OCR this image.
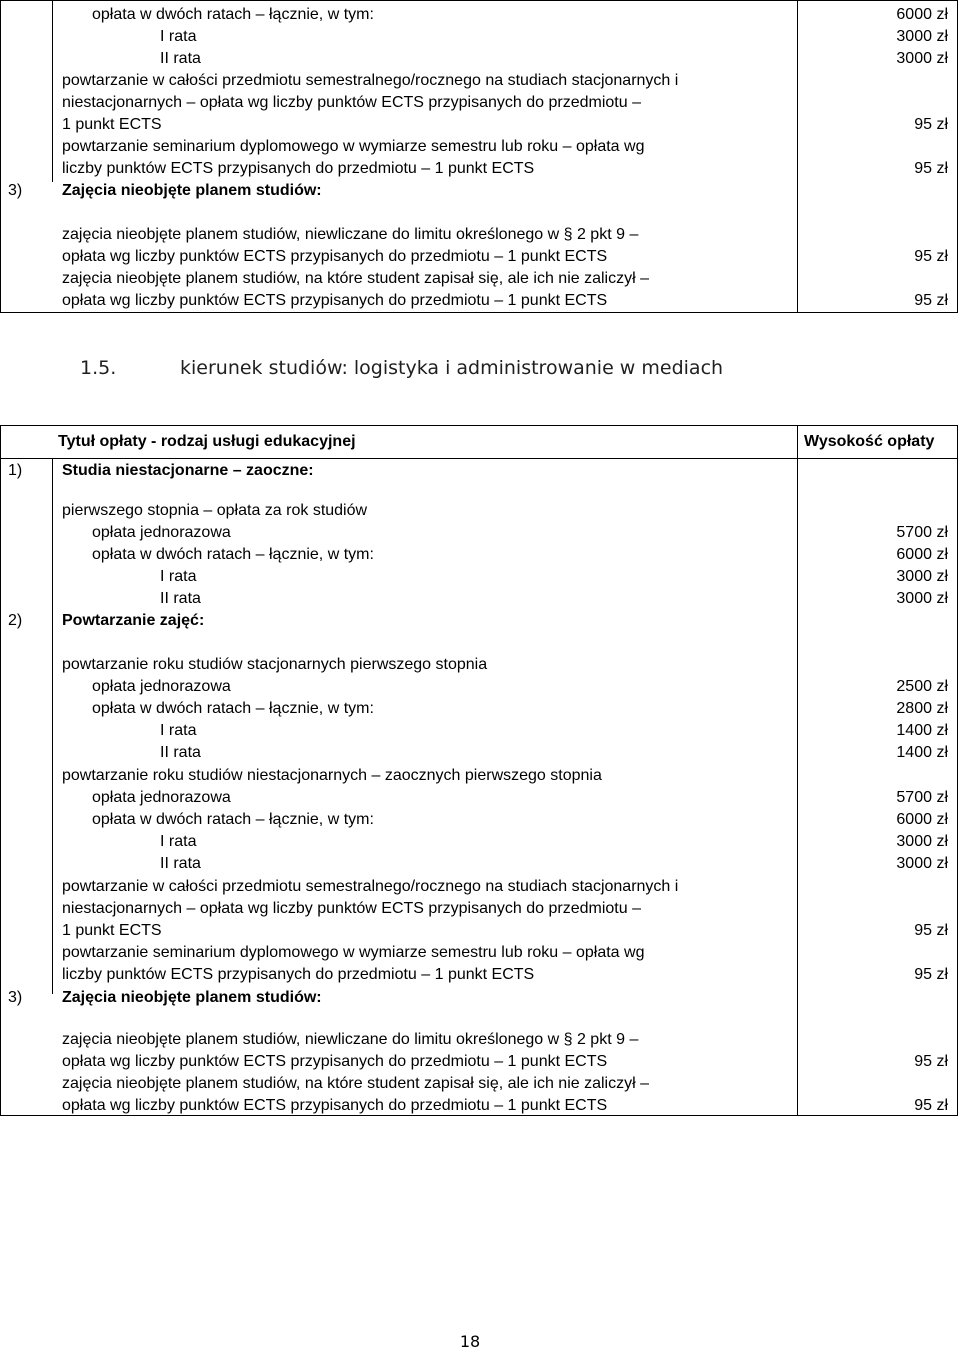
opłata w dwóch ratach – łącznie, w tym:	6000 zł
I rata	3000 zł
II rata	3000 zł
powtarzanie w całości przedmiotu semestralnego/rocznego na studiach stacjonarnych i
niestacjonarnych – opłata wg liczby punktów ECTS przypisanych do przedmiotu –
1 punkt ECTS	95 zł
powtarzanie seminarium dyplomowego w wymiarze semestru lub roku – opłata wg
liczby punktów ECTS przypisanych do przedmiotu – 1 punkt ECTS	95 zł
3) Zajęcia nieobjęte planem studiów:
zajęcia nieobjęte planem studiów, niewliczane do limitu określonego w § 2 pkt 9 –
opłata wg liczby punktów ECTS przypisanych do przedmiotu – 1 punkt ECTS	95 zł
zajęcia nieobjęte planem studiów, na które student zapisał się, ale ich nie zaliczył –
opłata wg liczby punktów ECTS przypisanych do przedmiotu – 1 punkt ECTS	95 zł
1.5.	kierunek studiów: logistyka i administrowanie w mediach
Tytuł opłaty - rodzaj usługi edukacyjnej	Wysokość opłaty
1) Studia niestacjonarne – zaoczne:
pierwszego stopnia – opłata za rok studiów
opłata jednorazowa	5700 zł
opłata w dwóch ratach – łącznie, w tym:	6000 zł
I rata	3000 zł
II rata	3000 zł
2) Powtarzanie zajęć:
powtarzanie roku studiów stacjonarnych pierwszego stopnia
opłata jednorazowa	2500 zł
opłata w dwóch ratach – łącznie, w tym:	2800 zł
I rata	1400 zł
II rata	1400 zł
powtarzanie roku studiów niestacjonarnych – zaocznych pierwszego stopnia
opłata jednorazowa	5700 zł
opłata w dwóch ratach – łącznie, w tym:	6000 zł
I rata	3000 zł
II rata	3000 zł
powtarzanie w całości przedmiotu semestralnego/rocznego na studiach stacjonarnych i
niestacjonarnych – opłata wg liczby punktów ECTS przypisanych do przedmiotu –
1 punkt ECTS	95 zł
powtarzanie seminarium dyplomowego w wymiarze semestru lub roku – opłata wg
liczby punktów ECTS przypisanych do przedmiotu – 1 punkt ECTS	95 zł
3) Zajęcia nieobjęte planem studiów:
zajęcia nieobjęte planem studiów, niewliczane do limitu określonego w § 2 pkt 9 –
opłata wg liczby punktów ECTS przypisanych do przedmiotu – 1 punkt ECTS	95 zł
zajęcia nieobjęte planem studiów, na które student zapisał się, ale ich nie zaliczył –
opłata wg liczby punktów ECTS przypisanych do przedmiotu – 1 punkt ECTS	95 zł
18
